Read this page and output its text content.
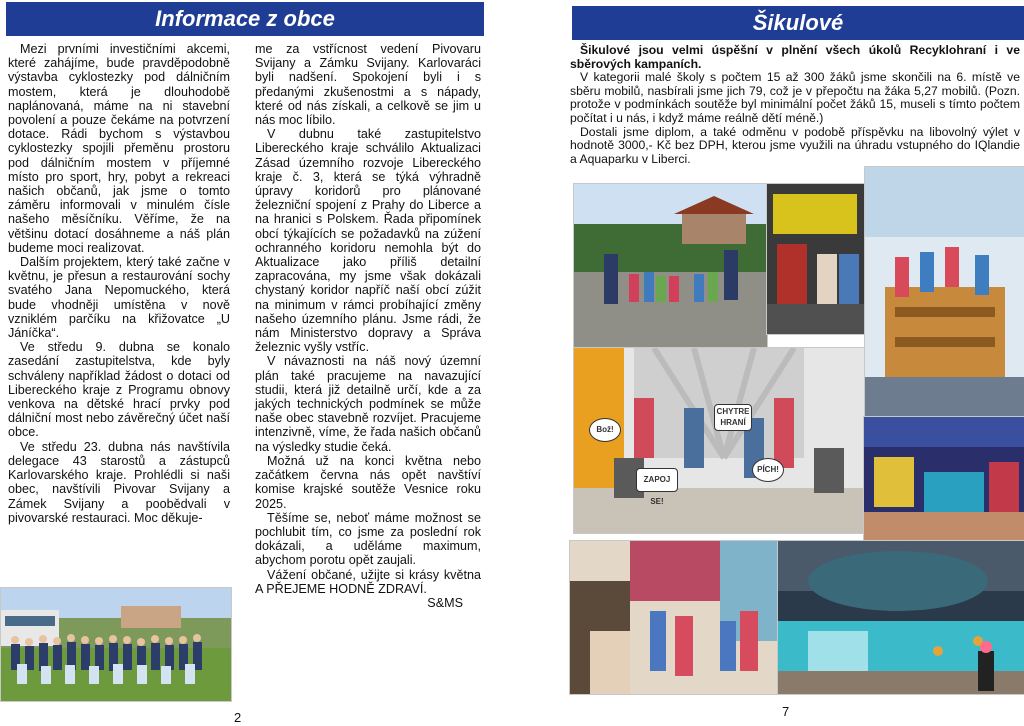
Informace z obce

Mezi prvními investičními akcemi, které zahájíme, bude pravděpodobně výstavba cyklostezky pod dálničním mostem, která je dlouhodobě naplánovaná, máme na ni stavební povolení a pouze čekáme na potvrzení dotace. Rádi bychom s výstavbou cyklostezky spojili přeměnu prostoru pod dálničním mostem v příjemné místo pro sport, hry, pobyt a rekreaci našich občanů, jak jsme o tomto záměru informovali v minulém čísle našeho měsíčníku. Věříme, že na většinu dotací dosáhneme a náš plán budeme moci realizovat.

Dalším projektem, který také začne v květnu, je přesun a restaurování sochy svatého Jana Nepomuckého, která bude vhodněji umístěna v nově vzniklém parčíku na křižovatce „U Jáníčka“.

Ve středu 9. dubna se konalo zasedání zastupitelstva, kde byly schváleny například žádost o dotaci od Libereckého kraje z Programu obnovy venkova na dětské hrací prvky pod dálniční most nebo závěrečný účet naší obce.

Ve středu 23. dubna nás navštívila delegace 43 starostů a zástupců Karlovarského kraje. Prohlédli si naši obec, navštívili Pivovar Svijany a Zámek Svijany a poobědvali v pivovarské restauraci. Moc děkuje-

me za vstřícnost vedení Pivovaru Svijany a Zámku Svijany. Karlovaráci byli nadšení. Spokojení byli i s předanými zkušenostmi a s nápady, které od nás získali, a celkově se jim u nás moc líbilo.

V dubnu také zastupitelstvo Libereckého kraje schválilo Aktualizaci Zásad územního rozvoje Libereckého kraje č. 3, která se týká výhradně úpravy koridorů pro plánované železniční spojení z Prahy do Liberce a na hranici s Polskem. Řada připomínek obcí týkajících se požadavků na zúžení ochranného koridoru nemohla být do Aktualizace jako příliš detailní zapracována, my jsme však dokázali chystaný koridor napříč naší obcí zúžit na minimum v rámci probíhající změny našeho územního plánu. Jsme rádi, že nám Ministerstvo dopravy a Správa železnic vyšly vstříc.

V návaznosti na náš nový územní plán také pracujeme na navazující studii, která již detailně určí, kde a za jakých technických podmínek se může naše obec stavebně rozvíjet. Pracujeme intenzivně, víme, že řada našich občanů na výsledky studie čeká.

Možná už na konci května nebo začátkem června nás opět navštíví komise krajské soutěže Vesnice roku 2025.

Těšíme se, neboť máme možnost se pochlubit tím, co jsme za poslední rok dokázali, a uděláme maximum, abychom porotu opět zaujali.

Vážení občané, užijte si krásy května A PŘEJEME HODNĚ ZDRAVÍ.

S&MS
2
Šikulové

Šikulové jsou velmi úspěšní v plnění všech úkolů Recyklohraní i ve sběrových kampaních.

V kategorii malé školy s počtem 15 až 300 žáků jsme skončili na 6. místě ve sběru mobilů, nasbírali jsme jich 79, což je v přepočtu na žáka 5,27 mobilů. (Pozn. protože v podmínkách soutěže byl minimální počet žáků 15, museli s tímto počtem počítat i u nás, i když máme reálně dětí méně.)

Dostali jsme diplom, a také odměnu v podobě příspěvku na libovolný výlet v hodnotě 3000,- Kč bez DPH, kterou jsme využili na úhradu vstupného do IQlandie a Aquaparku v Liberci.

Bož!
CHYTRE HRANÍ
ZAPOJ SE!
PÍCH!
7
